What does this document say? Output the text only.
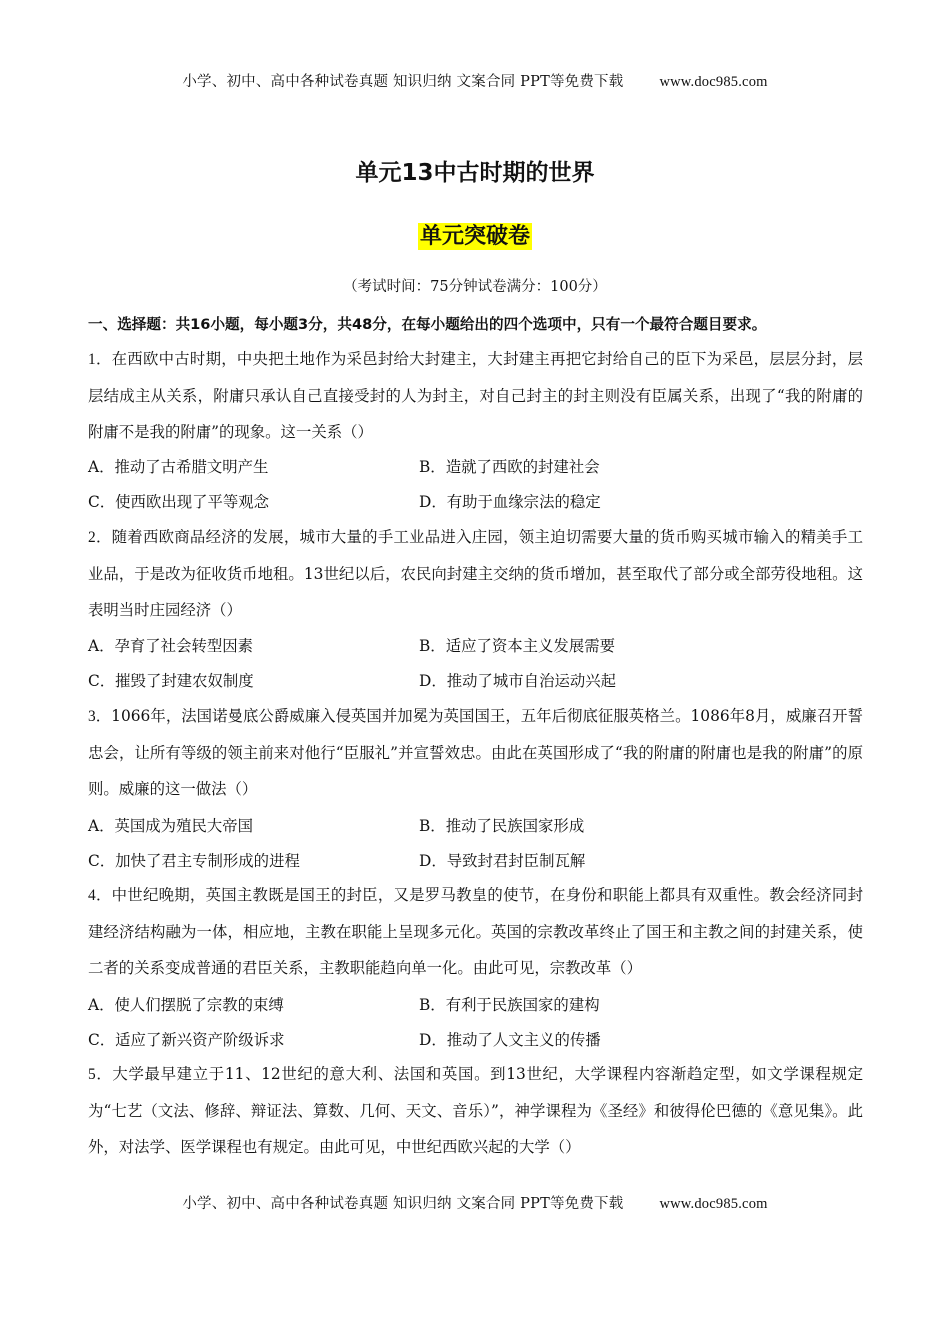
小学、初中、高中各种试卷真题 知识归纳 文案合同 PPT等免费下载 www.doc985.com
单元13中古时期的世界
单元突破卷
（考试时间：75分钟试卷满分：100分）
一、选择题：共16小题，每小题3分，共48分，在每小题给出的四个选项中，只有一个最符合题目要求。
1．在西欧中古时期，中央把土地作为采邑封给大封建主，大封建主再把它封给自己的臣下为采邑，层层分封，层层结成主从关系，附庸只承认自己直接受封的人为封主，对自己封主的封主则没有臣属关系，出现了“我的附庸的附庸不是我的附庸”的现象。这一关系（）
A．推动了古希腊文明产生	B．造就了西欧的封建社会
C．使西欧出现了平等观念	D．有助于血缘宗法的稳定
2．随着西欧商品经济的发展，城市大量的手工业品进入庄园，领主迫切需要大量的货币购买城市输入的精美手工业品，于是改为征收货币地租。13世纪以后，农民向封建主交纳的货币增加，甚至取代了部分或全部劳役地租。这表明当时庄园经济（）
A．孕育了社会转型因素	B．适应了资本主义发展需要
C．摧毁了封建农奴制度	D．推动了城市自治运动兴起
3．1066年，法国诺曼底公爵威廉入侵英国并加冕为英国国王，五年后彻底征服英格兰。1086年8月，威廉召开誓忠会，让所有等级的领主前来对他行“臣服礼”并宣誓效忠。由此在英国形成了“我的附庸的附庸也是我的附庸”的原则。威廉的这一做法（）
A．英国成为殖民大帝国	B．推动了民族国家形成
C．加快了君主专制形成的进程	D．导致封君封臣制瓦解
4．中世纪晚期，英国主教既是国王的封臣，又是罗马教皇的使节，在身份和职能上都具有双重性。教会经济同封建经济结构融为一体，相应地，主教在职能上呈现多元化。英国的宗教改革终止了国王和主教之间的封建关系，使二者的关系变成普通的君臣关系，主教职能趋向单一化。由此可见，宗教改革（）
A．使人们摆脱了宗教的束缚	B．有利于民族国家的建构
C．适应了新兴资产阶级诉求	D．推动了人文主义的传播
5．大学最早建立于11、12世纪的意大利、法国和英国。到13世纪，大学课程内容渐趋定型，如文学课程规定为“七艺（文法、修辞、辩证法、算数、几何、天文、音乐）”，神学课程为《圣经》和彼得伦巴德的《意见集》。此外，对法学、医学课程也有规定。由此可见，中世纪西欧兴起的大学（）
小学、初中、高中各种试卷真题 知识归纳 文案合同 PPT等免费下载 www.doc985.com
